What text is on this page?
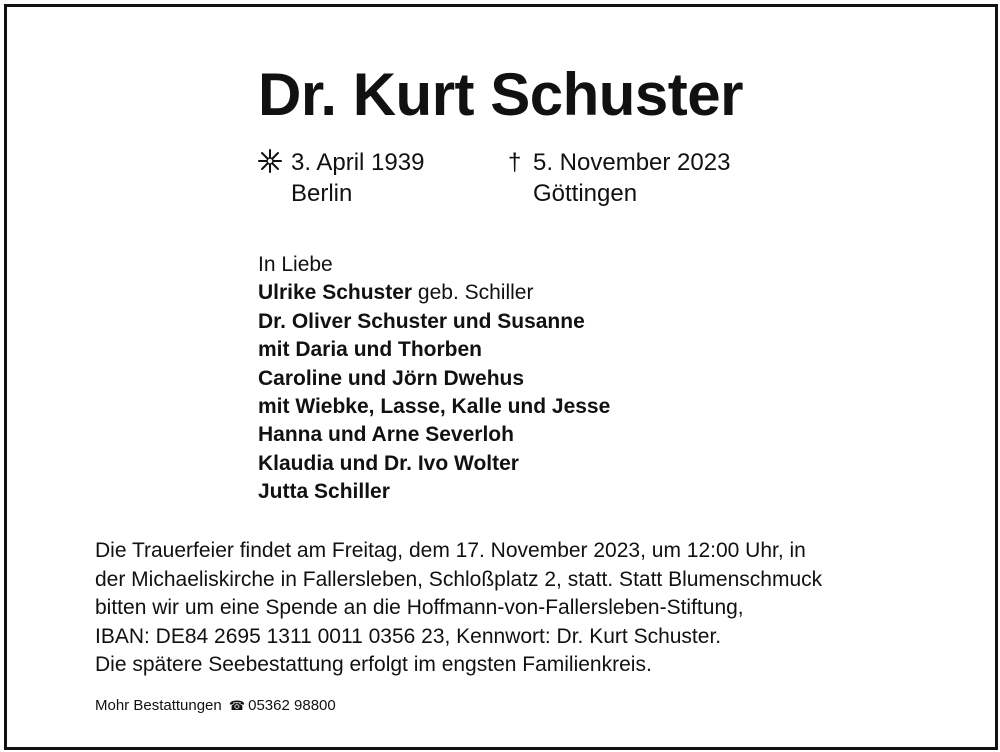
Dr. Kurt Schuster
3. April 1939
Berlin
† 5. November 2023
Göttingen
In Liebe
Ulrike Schuster geb. Schiller
Dr. Oliver Schuster und Susanne
mit Daria und Thorben
Caroline und Jörn Dwehus
mit Wiebke, Lasse, Kalle und Jesse
Hanna und Arne Severloh
Klaudia und Dr. Ivo Wolter
Jutta Schiller
Die Trauerfeier findet am Freitag, dem 17. November 2023, um 12:00 Uhr, in
der Michaeliskirche in Fallersleben, Schloßplatz 2, statt. Statt Blumenschmuck
bitten wir um eine Spende an die Hoffmann-von-Fallersleben-Stiftung,
IBAN: DE84 2695 1311 0011 0356 23, Kennwort: Dr. Kurt Schuster.
Die spätere Seebestattung erfolgt im engsten Familienkreis.
Mohr Bestattungen ☎ 05362 98800
